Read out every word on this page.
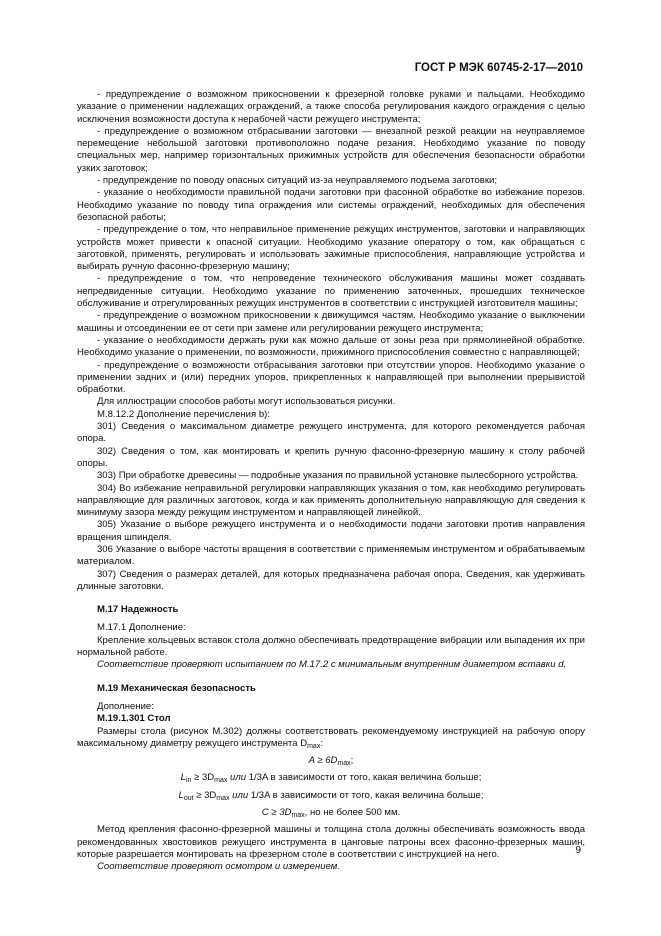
ГОСТ Р МЭК 60745-2-17—2010

- предупреждение о возможном прикосновении к фрезерной головке руками и пальцами. Необходимо указание о применении надлежащих ограждений, а также способа регулирования каждого ограждения с целью исключения возможности доступа к нерабочей части режущего инструмента;

- предупреждение о возможном отбрасывании заготовки — внезапной резкой реакции на неуправляемое перемещение небольшой заготовки противоположно подаче резания. Необходимо указание по поводу специальных мер, например горизонтальных прижимных устройств для обеспечения безопасности обработки узких заготовок;

- предупреждение по поводу опасных ситуаций из-за неуправляемого подъема заготовки;

- указание о необходимости правильной подачи заготовки при фасонной обработке во избежание порезов. Необходимо указание по поводу типа ограждения или системы ограждений, необходимых для обеспечения безопасной работы;

- предупреждение о том, что неправильное применение режущих инструментов, заготовки и направляющих устройств может привести к опасной ситуации. Необходимо указание оператору о том, как обращаться с заготовкой, применять, регулировать и использовать зажимные приспособления, направляющие устройства и выбирать ручную фасонно-фрезерную машину;

- предупреждение о том, что непроведение технического обслуживания машины может создавать непредвиденные ситуации. Необходимо указание по применению заточенных, прошедших техническое обслуживание и отрегулированных режущих инструментов в соответствии с инструкцией изготовителя машины;

- предупреждение о возможном прикосновении к движущимся частям. Необходимо указание о выключении машины и отсоединении ее от сети при замене или регулировании режущего инструмента;

- указание о необходимости держать руки как можно дальше от зоны реза при прямолинейной обработке. Необходимо указание о применении, по возможности, прижимного приспособления совместно с направляющей;

- предупреждение о возможности отбрасывания заготовки при отсутствии упоров. Необходимо указание о применении задних и (или) передних упоров, прикрепленных к направляющей при выполнении прерывистой обработки.

Для иллюстрации способов работы могут использоваться рисунки.

М.8.12.2 Дополнение перечисления b):

301) Сведения о максимальном диаметре режущего инструмента, для которого рекомендуется рабочая опора.

302) Сведения о том, как монтировать и крепить ручную фасонно-фрезерную машину к столу рабочей опоры.

303) При обработке древесины — подробные указания по правильной установке пылесборного устройства.

304) Во избежание неправильной регулировки направляющих указания о том, как необходимо регулировать направляющие для различных заготовок, когда и как применять дополнительную направляющую для сведения к минимуму зазора между режущим инструментом и направляющей линейкой.

305) Указание о выборе режущего инструмента и о необходимости подачи заготовки против направления вращения шпинделя.

306 Указание о выборе частоты вращения в соответствии с применяемым инструментом и обрабатываемым материалом.

307) Сведения о размерах деталей, для которых предназначена рабочая опора. Сведения, как удерживать длинные заготовки.

М.17 Надежность

М.17.1 Дополнение:

Крепление кольцевых вставок стола должно обеспечивать предотвращение вибрации или выпадения их при нормальной работе.

Соответствие проверяют испытанием по М.17.2 с минимальным внутренним диаметром вставки d.

М.19 Механическая безопасность

Дополнение:

М.19.1.301 Стол

Размеры стола (рисунок М.302) должны соответствовать рекомендуемому инструкцией на рабочую опору максимальному диаметру режущего инструмента $D_{max}$:

$A \ge 6D_{max}$;

$L_{in} \ge 3D_{max}$ или 1/3A в зависимости от того, какая величина больше;

$L_{out} \ge 3D_{max}$ или 1/3A в зависимости от того, какая величина больше;

$C \ge 3D_{max}$, но не более 500 мм.

Метод крепления фасонно-фрезерной машины и толщина стола должны обеспечивать возможность ввода рекомендованных хвостовиков режущего инструмента в цанговые патроны всех фасонно-фрезерных машин, которые разрешается монтировать на фрезерном столе в соответствии с инструкцией на него.

Соответствие проверяют осмотром и измерением.

9
